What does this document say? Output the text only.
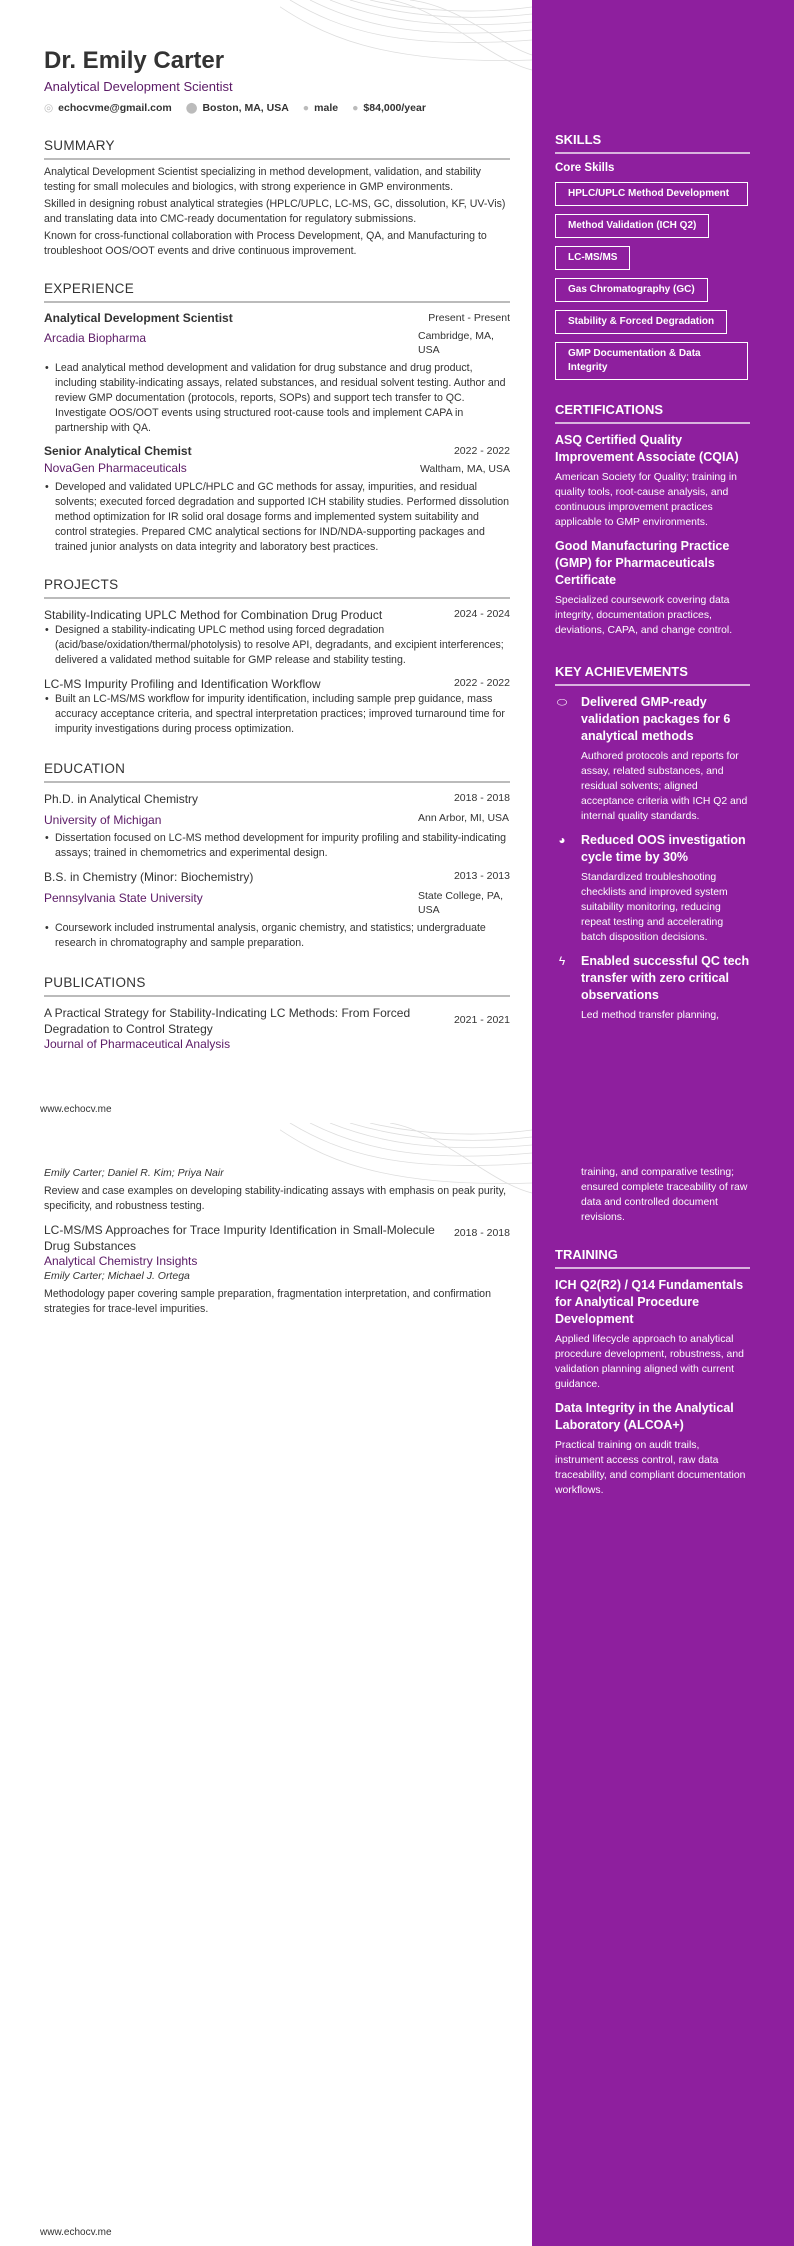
Dr. Emily Carter
Analytical Development Scientist
◎ echocvme@gmail.com ⬤ Boston, MA, USA ● male ● $84,000/year
SUMMARY
Analytical Development Scientist specializing in method development, validation, and stability testing for small molecules and biologics, with strong experience in GMP environments.
Skilled in designing robust analytical strategies (HPLC/UPLC, LC-MS, GC, dissolution, KF, UV-Vis) and translating data into CMC-ready documentation for regulatory submissions.
Known for cross-functional collaboration with Process Development, QA, and Manufacturing to troubleshoot OOS/OOT events and drive continuous improvement.
EXPERIENCE
Analytical Development Scientist	Present - Present
Arcadia Biopharma	Cambridge, MA, USA
• Lead analytical method development and validation for drug substance and drug product, including stability-indicating assays, related substances, and residual solvent testing. Author and review GMP documentation (protocols, reports, SOPs) and support tech transfer to QC. Investigate OOS/OOT events using structured root-cause tools and implement CAPA in partnership with QA.
Senior Analytical Chemist	2022 - 2022
NovaGen Pharmaceuticals	Waltham, MA, USA
• Developed and validated UPLC/HPLC and GC methods for assay, impurities, and residual solvents; executed forced degradation and supported ICH stability studies. Performed dissolution method optimization for IR solid oral dosage forms and implemented system suitability and control strategies. Prepared CMC analytical sections for IND/NDA-supporting packages and trained junior analysts on data integrity and laboratory best practices.
PROJECTS
Stability-Indicating UPLC Method for Combination Drug Product	2024 - 2024
• Designed a stability-indicating UPLC method using forced degradation (acid/base/oxidation/thermal/photolysis) to resolve API, degradants, and excipient interferences; delivered a validated method suitable for GMP release and stability testing.
LC-MS Impurity Profiling and Identification Workflow	2022 - 2022
• Built an LC-MS/MS workflow for impurity identification, including sample prep guidance, mass accuracy acceptance criteria, and spectral interpretation practices; improved turnaround time for impurity investigations during process optimization.
EDUCATION
Ph.D. in Analytical Chemistry	2018 - 2018
University of Michigan	Ann Arbor, MI, USA
• Dissertation focused on LC-MS method development for impurity profiling and stability-indicating assays; trained in chemometrics and experimental design.
B.S. in Chemistry (Minor: Biochemistry)	2013 - 2013
Pennsylvania State University	State College, PA, USA
• Coursework included instrumental analysis, organic chemistry, and statistics; undergraduate research in chromatography and sample preparation.
PUBLICATIONS
A Practical Strategy for Stability-Indicating LC Methods: From Forced Degradation to Control Strategy
2021 - 2021
Journal of Pharmaceutical Analysis
www.echocv.me
SKILLS
Core Skills
HPLC/UPLC Method Development
Method Validation (ICH Q2)
LC-MS/MS
Gas Chromatography (GC)
Stability & Forced Degradation
GMP Documentation & Data Integrity
CERTIFICATIONS
ASQ Certified Quality Improvement Associate (CQIA)
American Society for Quality; training in quality tools, root-cause analysis, and continuous improvement practices applicable to GMP environments.
Good Manufacturing Practice (GMP) for Pharmaceuticals Certificate
Specialized coursework covering data integrity, documentation practices, deviations, CAPA, and change control.
KEY ACHIEVEMENTS
⬭ Delivered GMP-ready validation packages for 6 analytical methods
Authored protocols and reports for assay, related substances, and residual solvents; aligned acceptance criteria with ICH Q2 and internal quality standards.
◕ Reduced OOS investigation cycle time by 30%
Standardized troubleshooting checklists and improved system suitability monitoring, reducing repeat testing and accelerating batch disposition decisions.
ϟ	Enabled successful QC tech transfer with zero critical observations
Led method transfer planning,
Emily Carter; Daniel R. Kim; Priya Nair
Review and case examples on developing stability-indicating assays with emphasis on peak purity, specificity, and robustness testing.
LC-MS/MS Approaches for Trace Impurity Identification in Small-Molecule Drug Substances
2018 - 2018
Analytical Chemistry Insights
Emily Carter; Michael J. Ortega
Methodology paper covering sample preparation, fragmentation interpretation, and confirmation strategies for trace-level impurities.
www.echocv.me
training, and comparative testing; ensured complete traceability of raw data and controlled document revisions.
TRAINING
ICH Q2(R2) / Q14 Fundamentals for Analytical Procedure Development
Applied lifecycle approach to analytical procedure development, robustness, and validation planning aligned with current guidance.
Data Integrity in the Analytical Laboratory (ALCOA+)
Practical training on audit trails, instrument access control, raw data traceability, and compliant documentation workflows.
